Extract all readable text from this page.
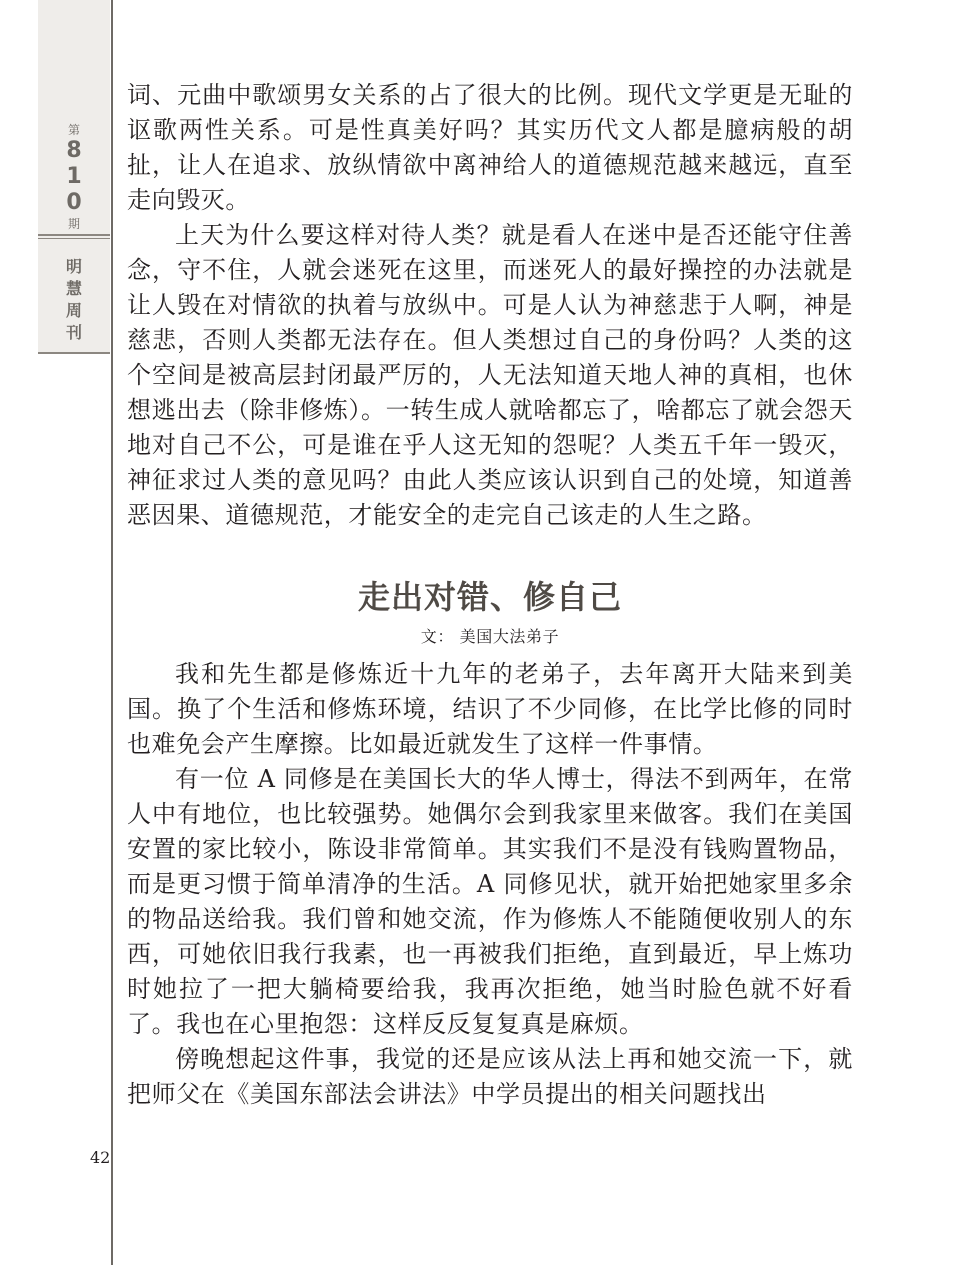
第
8
1
0
期
明
慧
周
刊
42

词、元曲中歌颂男女关系的占了很大的比例。现代文学更是无耻的讴歌两性关系。可是性真美好吗？其实历代文人都是臆病般的胡扯，让人在追求、放纵情欲中离神给人的道德规范越来越远，直至走向毁灭。

上天为什么要这样对待人类？就是看人在迷中是否还能守住善念，守不住，人就会迷死在这里，而迷死人的最好操控的办法就是让人毁在对情欲的执着与放纵中。可是人认为神慈悲于人啊，神是慈悲，否则人类都无法存在。但人类想过自己的身份吗？人类的这个空间是被高层封闭最严厉的，人无法知道天地人神的真相，也休想逃出去（除非修炼）。一转生成人就啥都忘了，啥都忘了就会怨天地对自己不公，可是谁在乎人这无知的怨呢？人类五千年一毁灭，神征求过人类的意见吗？由此人类应该认识到自己的处境，知道善恶因果、道德规范，才能安全的走完自己该走的人生之路。

走出对错、修自己
文： 美国大法弟子

我和先生都是修炼近十九年的老弟子，去年离开大陆来到美国。换了个生活和修炼环境，结识了不少同修，在比学比修的同时也难免会产生摩擦。比如最近就发生了这样一件事情。

有一位 A 同修是在美国长大的华人博士，得法不到两年，在常人中有地位，也比较强势。她偶尔会到我家里来做客。我们在美国安置的家比较小，陈设非常简单。其实我们不是没有钱购置物品，而是更习惯于简单清净的生活。A 同修见状，就开始把她家里多余的物品送给我。我们曾和她交流，作为修炼人不能随便收别人的东西，可她依旧我行我素，也一再被我们拒绝，直到最近，早上炼功时她拉了一把大躺椅要给我，我再次拒绝，她当时脸色就不好看了。我也在心里抱怨：这样反反复复真是麻烦。

傍晚想起这件事，我觉的还是应该从法上再和她交流一下，就把师父在《美国东部法会讲法》中学员提出的相关问题找出
